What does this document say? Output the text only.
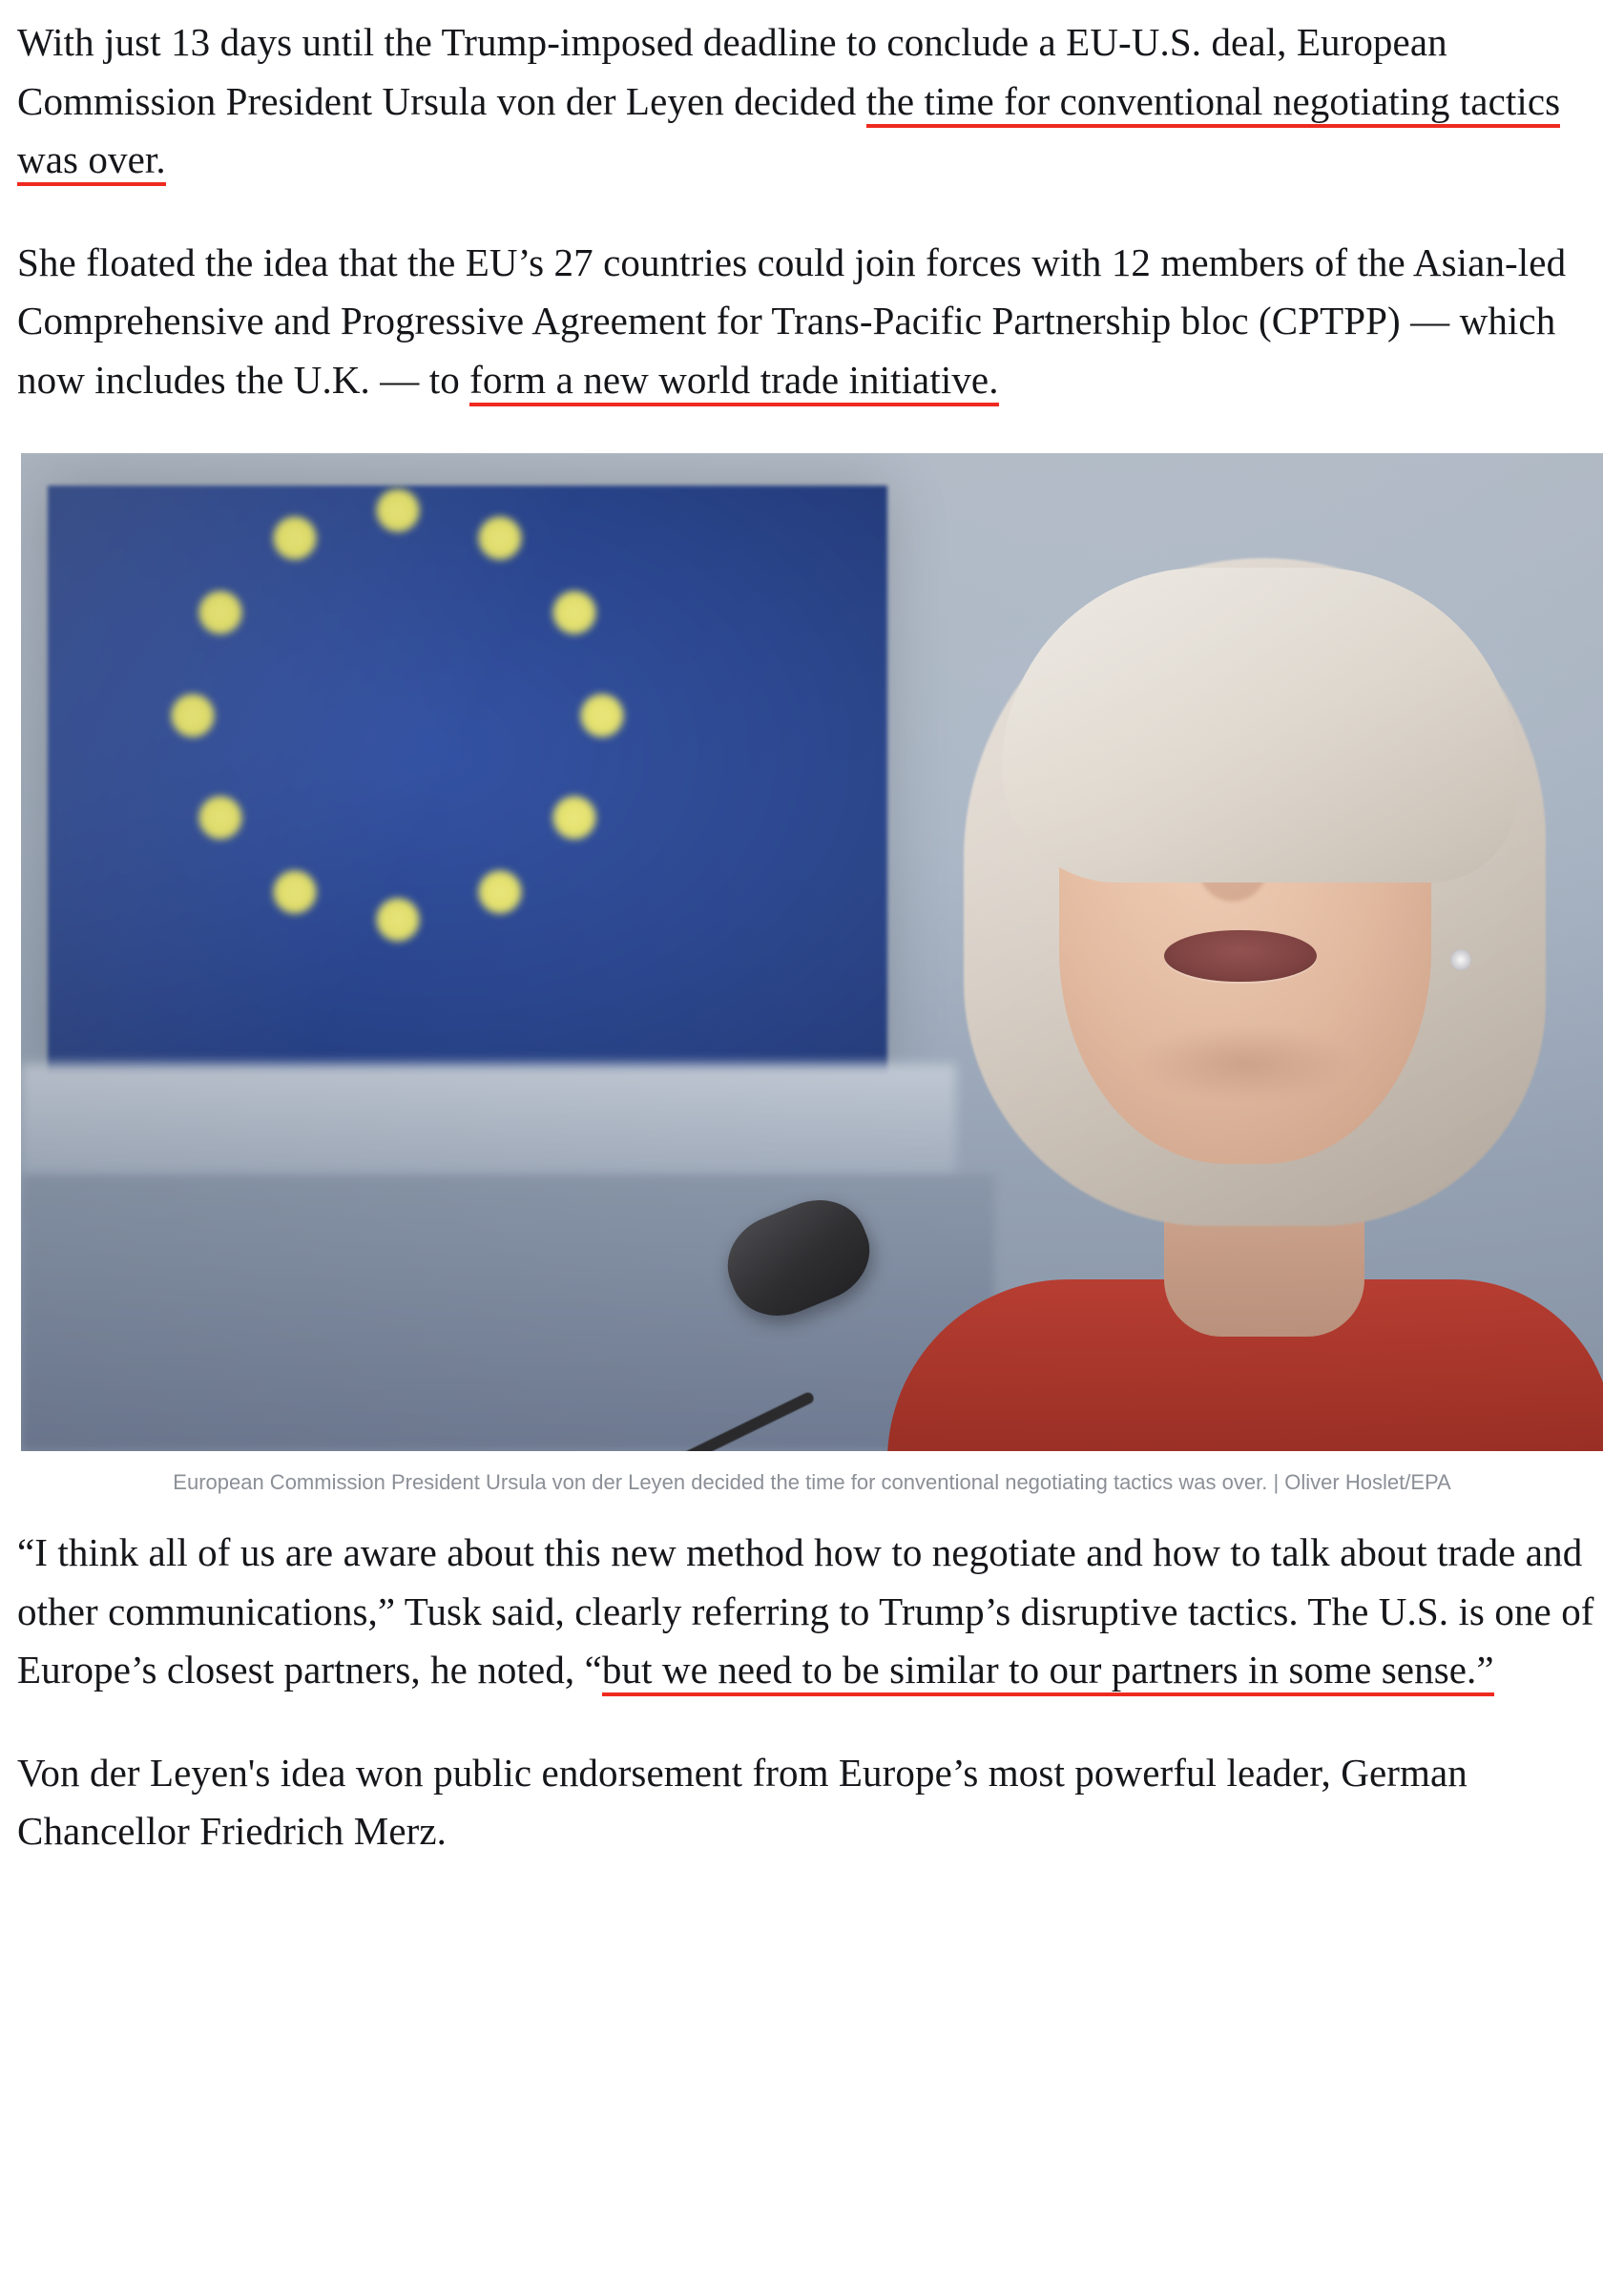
With just 13 days until the Trump-imposed deadline to conclude a EU-U.S. deal, European Commission President Ursula von der Leyen decided the time for conventional negotiating tactics was over.

She floated the idea that the EU’s 27 countries could join forces with 12 members of the Asian-led Comprehensive and Progressive Agreement for Trans-Pacific Partnership bloc (CPTPP) — which now includes the U.K. — to form a new world trade initiative.

European Commission President Ursula von der Leyen decided the time for conventional negotiating tactics was over. | Oliver Hoslet/EPA

“I think all of us are aware about this new method how to negotiate and how to talk about trade and other communications,” Tusk said, clearly referring to Trump’s disruptive tactics. The U.S. is one of Europe’s closest partners, he noted, “but we need to be similar to our partners in some sense.”

Von der Leyen's idea won public endorsement from Europe’s most powerful leader, German Chancellor Friedrich Merz.
